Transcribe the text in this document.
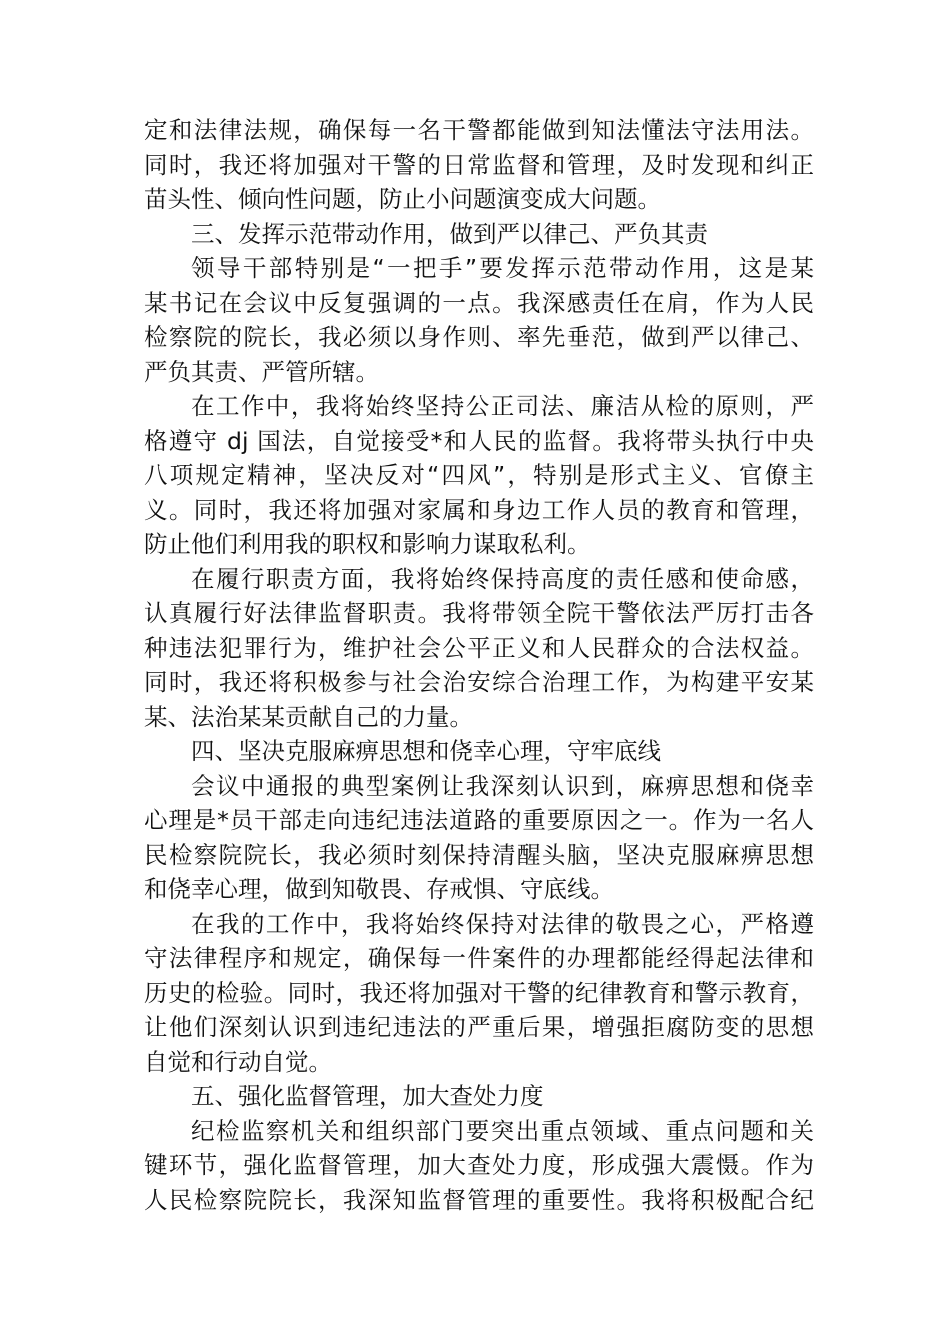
定和法律法规，确保每一名干警都能做到知法懂法守法用法。
同时，我还将加强对干警的日常监督和管理，及时发现和纠正
苗头性、倾向性问题，防止小问题演变成大问题。
三、发挥示范带动作用，做到严以律己、严负其责
领导干部特别是“一把手”要发挥示范带动作用，这是某
某书记在会议中反复强调的一点。我深感责任在肩，作为人民
检察院的院长，我必须以身作则、率先垂范，做到严以律己、
严负其责、严管所辖。
在工作中，我将始终坚持公正司法、廉洁从检的原则，严
格遵守 dj 国法，自觉接受*和人民的监督。我将带头执行中央
八项规定精神，坚决反对“四风”，特别是形式主义、官僚主
义。同时，我还将加强对家属和身边工作人员的教育和管理，
防止他们利用我的职权和影响力谋取私利。
在履行职责方面，我将始终保持高度的责任感和使命感，
认真履行好法律监督职责。我将带领全院干警依法严厉打击各
种违法犯罪行为，维护社会公平正义和人民群众的合法权益。
同时，我还将积极参与社会治安综合治理工作，为构建平安某
某、法治某某贡献自己的力量。
四、坚决克服麻痹思想和侥幸心理，守牢底线
会议中通报的典型案例让我深刻认识到，麻痹思想和侥幸
心理是*员干部走向违纪违法道路的重要原因之一。作为一名人
民检察院院长，我必须时刻保持清醒头脑，坚决克服麻痹思想
和侥幸心理，做到知敬畏、存戒惧、守底线。
在我的工作中，我将始终保持对法律的敬畏之心，严格遵
守法律程序和规定，确保每一件案件的办理都能经得起法律和
历史的检验。同时，我还将加强对干警的纪律教育和警示教育，
让他们深刻认识到违纪违法的严重后果，增强拒腐防变的思想
自觉和行动自觉。
五、强化监督管理，加大查处力度
纪检监察机关和组织部门要突出重点领域、重点问题和关
键环节，强化监督管理，加大查处力度，形成强大震慑。作为
人民检察院院长，我深知监督管理的重要性。我将积极配合纪
